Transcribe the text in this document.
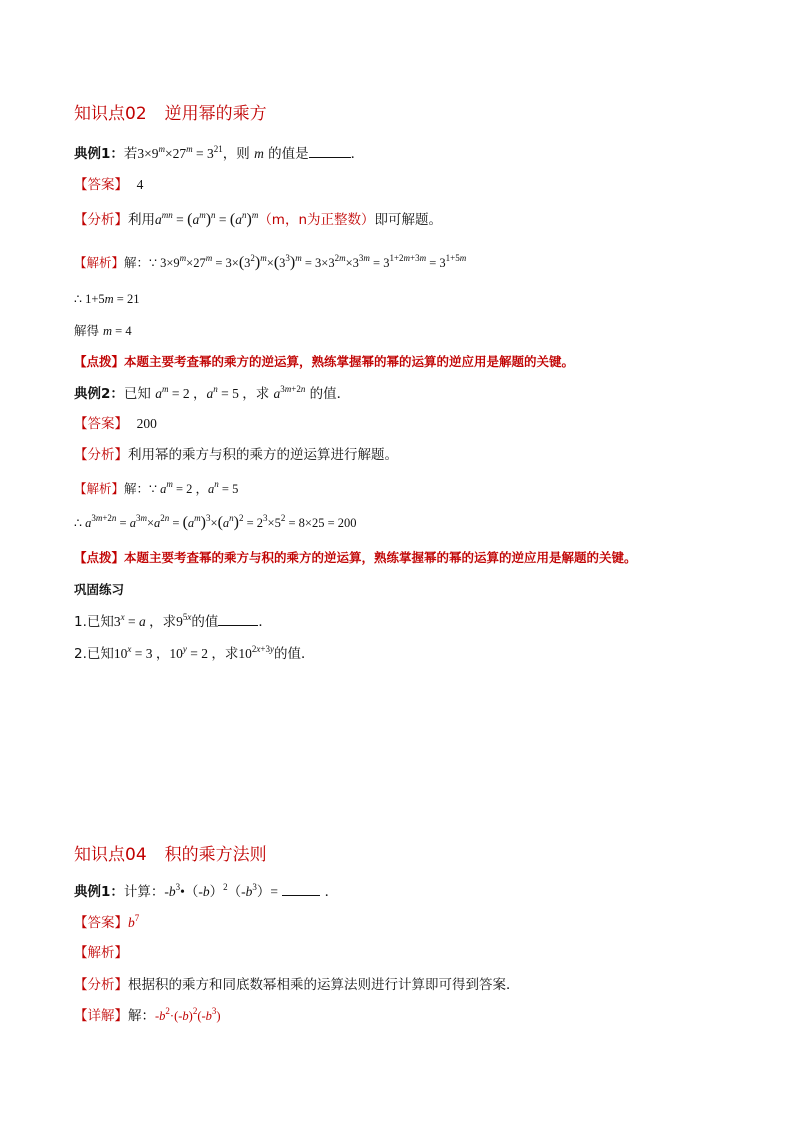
知识点02 逆用幂的乘方
典例1：若$3\times 9^m\times 27^m = 3^{21}$，则 m 的值是	．
【答案】 4
【分析】利用$a^{mn} = (a^m)^n = (a^n)^m(m$，n为正整数）即可解题。
【解析】解：∵ $3\times 9^m\times 27^m = 3\times(3^2)^m\times(3^3)^m = 3\times 3^{2m}\times 3^{3m} = 3^{1+2m+3m} = 3^{1+5m}$
∴ 1+5m = 21
解得 m = 4
【点拨】本题主要考查幂的乘方的逆运算，熟练掌握幂的幂的运算的逆应用是解题的关键。
典例2：已知 $a^m = 2$ ，$a^n = 5$ ，求 $a^{3m+2n}$ 的值．
【答案】 200
【分析】利用幂的乘方与积的乘方的逆运算进行解题。
【解析】解：∵ $a^m = 2$ ，$a^n = 5$
∴ $a^{3m+2n} = a^{3m}\times a^{2n} = (a^m)^3\times(a^n)^2 = 2^3\times 5^2 = 8\times 25 = 200$
【点拨】本题主要考查幂的乘方与积的乘方的逆运算，熟练掌握幂的幂的运算的逆应用是解题的关键。
巩固练习
1.已知$3^x = a$ ，求$9^{5x}$的值	．
2.已知$10^x = 3$ ，$10^y = 2$ ，求$10^{2x+3y}$的值．
知识点04 积的乘方法则
典例1：计算：$-b^3•(-b)^2(-b^3)=$	．
【答案】$b^7$
【解析】
【分析】根据积的乘方和同底数幂相乘的运算法则进行计算即可得到答案．
【详解】解：$-b^2\cdot(-b)^2(-b^3)$
